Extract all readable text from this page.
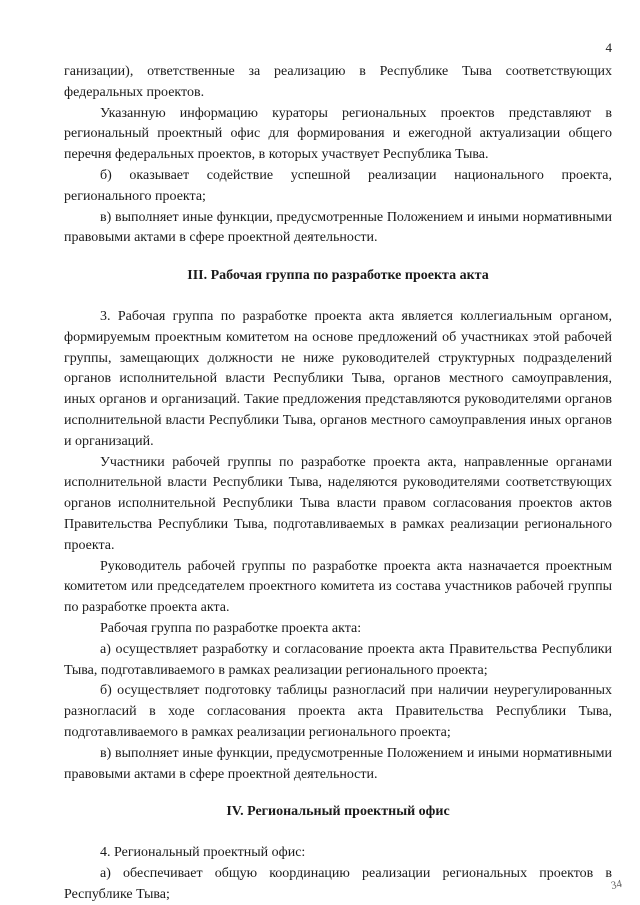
4

ганизации), ответственные за реализацию в Республике Тыва соответствующих федеральных проектов.

Указанную информацию кураторы региональных проектов представляют в региональный проектный офис для формирования и ежегодной актуализации общего перечня федеральных проектов, в которых участвует Республика Тыва.

б) оказывает содействие успешной реализации национального проекта, регионального проекта;

в) выполняет иные функции, предусмотренные Положением и иными нормативными правовыми актами в сфере проектной деятельности.

III. Рабочая группа по разработке проекта акта

3. Рабочая группа по разработке проекта акта является коллегиальным органом, формируемым проектным комитетом на основе предложений об участниках этой рабочей группы, замещающих должности не ниже руководителей структурных подразделений органов исполнительной власти Республики Тыва, органов местного самоуправления, иных органов и организаций. Такие предложения представляются руководителями органов исполнительной власти Республики Тыва, органов местного самоуправления иных органов и организаций.

Участники рабочей группы по разработке проекта акта, направленные органами исполнительной власти Республики Тыва, наделяются руководителями соответствующих органов исполнительной Республики Тыва власти правом согласования проектов актов Правительства Республики Тыва, подготавливаемых в рамках реализации регионального проекта.

Руководитель рабочей группы по разработке проекта акта назначается проектным комитетом или председателем проектного комитета из состава участников рабочей группы по разработке проекта акта.

Рабочая группа по разработке проекта акта:

а) осуществляет разработку и согласование проекта акта Правительства Республики Тыва, подготавливаемого в рамках реализации регионального проекта;

б) осуществляет подготовку таблицы разногласий при наличии неурегулированных разногласий в ходе согласования проекта акта Правительства Республики Тыва, подготавливаемого в рамках реализации регионального проекта;

в) выполняет иные функции, предусмотренные Положением и иными нормативными правовыми актами в сфере проектной деятельности.

IV. Региональный проектный офис

4. Региональный проектный офис:

а) обеспечивает общую координацию реализации региональных проектов в Республике Тыва;

34
